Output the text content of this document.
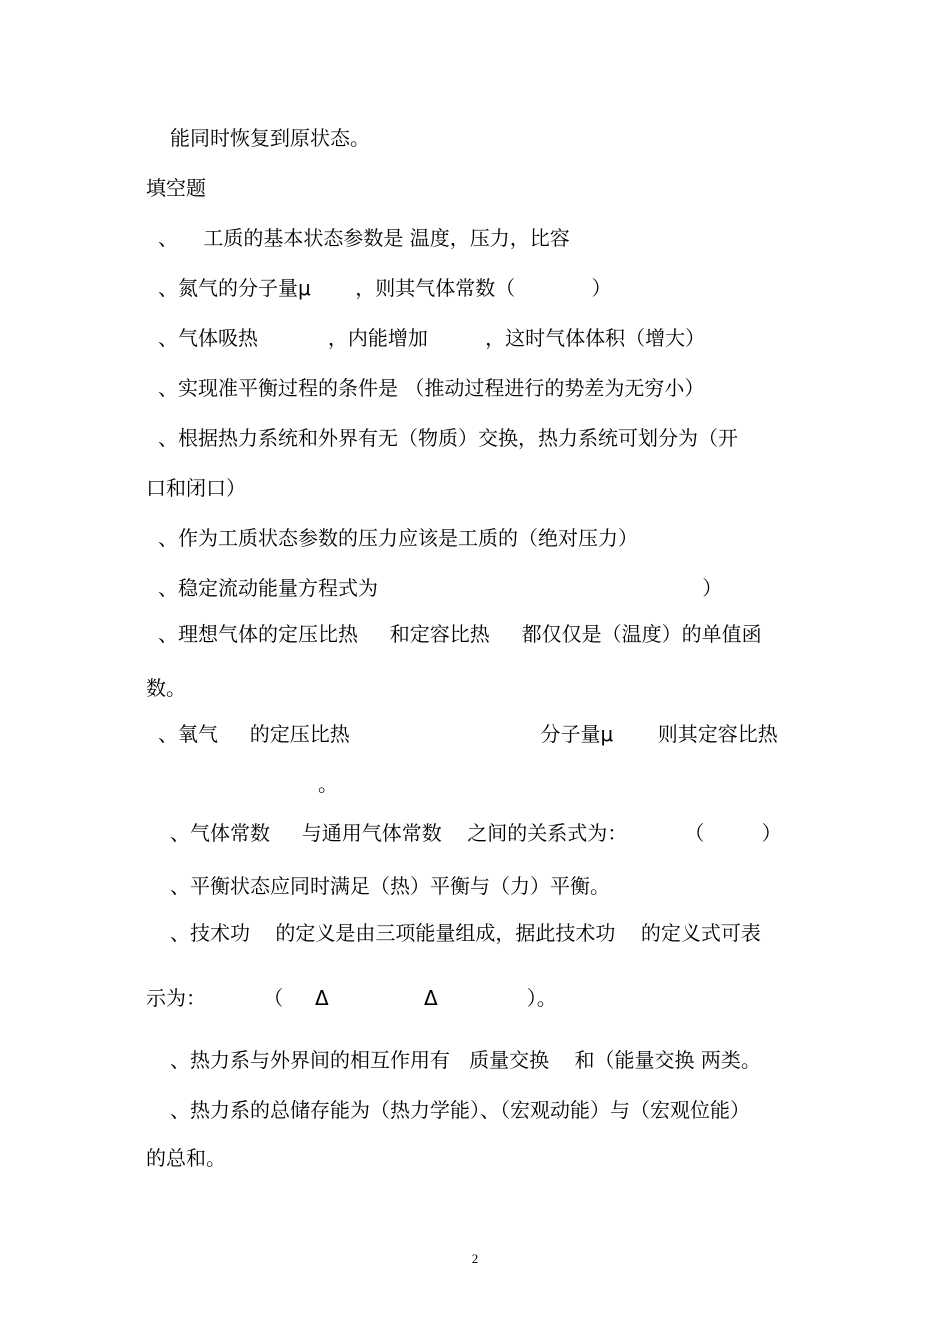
能同时恢复到原状态。
填空题
、    工质的基本状态参数是 温度，压力，比容
、氮气的分子量μ       ，则其气体常数（            ）
、气体吸热           ，内能增加         ，这时气体体积（增大）
、实现准平衡过程的条件是 （推动过程进行的势差为无穷小）
、根据热力系统和外界有无（物质）交换，热力系统可划分为（开
口和闭口）
、作为工质状态参数的压力应该是工质的（绝对压力）
、稳定流动能量方程式为                                                   ）
、理想气体的定压比热     和定容比热     都仅仅是（温度）的单值函
数。
、氧气     的定压比热                              分子量μ       则其定容比热
。
、气体常数     与通用气体常数    之间的关系式为：         （         ）
、平衡状态应同时满足（热）平衡与（力）平衡。
、技术功    的定义是由三项能量组成，据此技术功    的定义式可表
示为：         （     Δ               Δ              ）。
、热力系与外界间的相互作用有   质量交换    和（能量交换 两类。
、热力系的总储存能为（热力学能）、（宏观动能）与（宏观位能）
的总和。
2
